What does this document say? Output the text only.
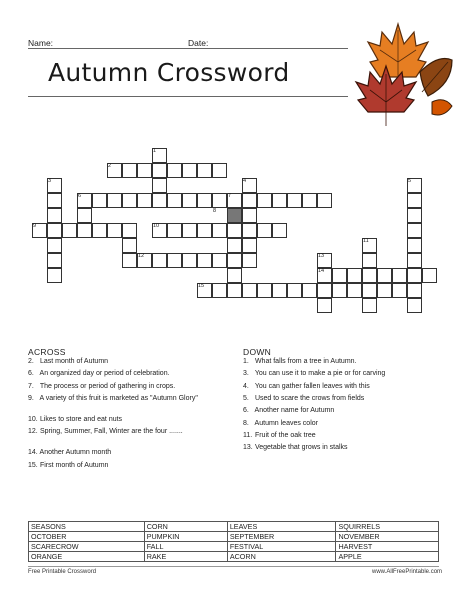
Name:	Date:
Autumn Crossword
1
2
3	4	5
6	7
8
9	10
11
12	13
14
15
ACROSS
2. Last month of Autumn
6. An organized day or period of celebration.
7. The process or period of gathering in crops.
9. A variety of this fruit is marketed as "Autumn Glory"
10. Likes to store and eat nuts
12. Spring, Summer, Fall, Winter are the four .......
14. Another Autumn month
15. First month of Autumn
DOWN
1. What falls from a tree in Autumn.
3. You can use it to make a pie or for carving
4. You can gather fallen leaves with this
5. Used to scare the crows from fields
6. Another name for Autumn
8. Autumn leaves color
11. Fruit of the oak tree
13. Vegetable that grows in stalks
SEASONS	CORN	LEAVES	SQUIRRELS
OCTOBER	PUMPKIN	SEPTEMBER	NOVEMBER
SCARECROW	FALL	FESTIVAL	HARVEST
ORANGE	RAKE	ACORN	APPLE
Free Printable Crossword	www.AllFreePrintable.com
